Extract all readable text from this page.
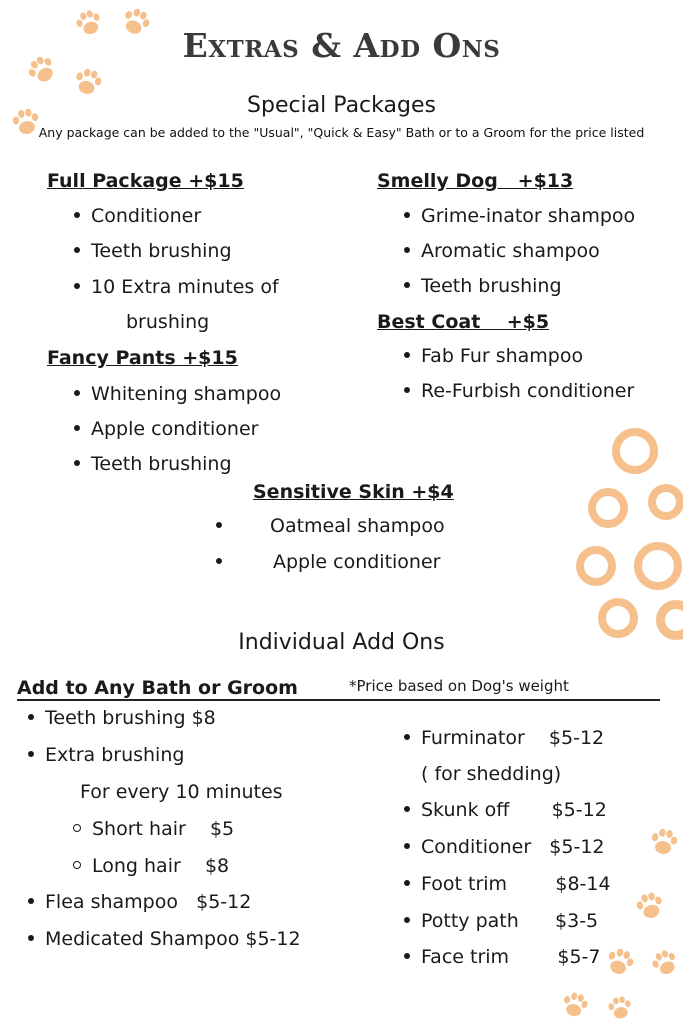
Extras & Add Ons
Special Packages
Any package can be added to the "Usual", "Quick & Easy" Bath or to a Groom for the price listed
Full Package +$15
Conditioner
Teeth brushing
10 Extra minutes of
brushing
Fancy Pants +$15
Whitening shampoo
Apple conditioner
Teeth brushing
Smelly Dog   +$13
Grime-inator shampoo
Aromatic shampoo
Teeth brushing
Best Coat    +$5
Fab Fur shampoo
Re-Furbish conditioner
Sensitive Skin +$4
Oatmeal shampoo
Apple conditioner
Individual Add Ons
Add to Any Bath or Groom	*Price based on Dog's weight
Teeth brushing $8
Extra brushing
For every 10 minutes
Short hair    $5
Long hair    $8
Flea shampoo   $5-12
Medicated Shampoo $5-12
Furminator    $5-12
( for shedding)
Skunk off       $5-12
Conditioner   $5-12
Foot trim        $8-14
Potty path      $3-5
Face trim        $5-7
